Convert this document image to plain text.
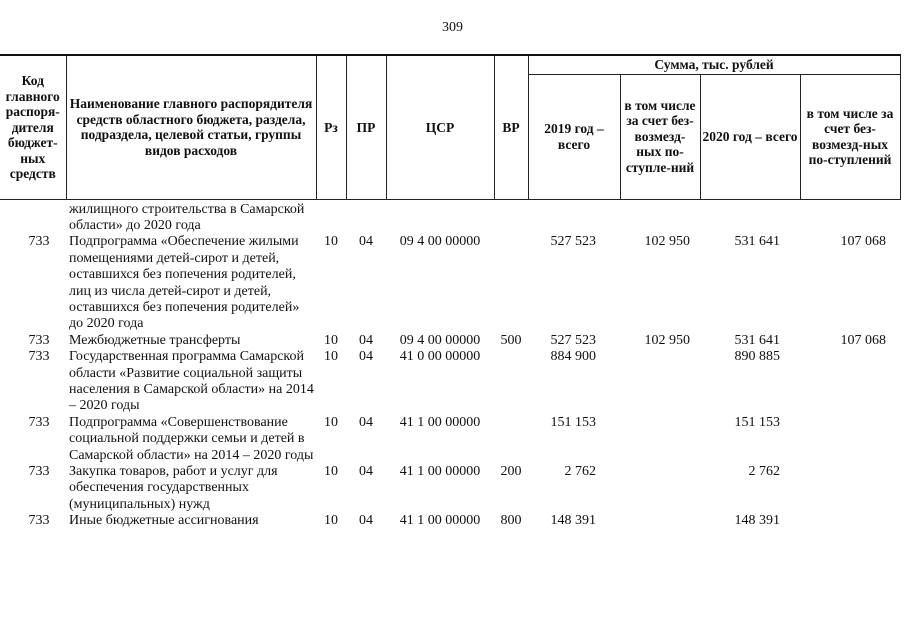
309
Код главного распоря-дителя бюджет-ных средств	Наименование главного распорядителя средств областного бюджета, раздела, подраздела, целевой статьи, группы видов расходов	Рз	ПР	ЦСР	ВР	Сумма, тыс. рублей			
						2019 год – всего	в том числе за счет без-возмезд-ных по-ступле-ний	2020 год – всего	в том числе за счет без-возмезд-ных по-ступлений
	жилищного строительства в Самарской области» до 2020 года								
733	Подпрограмма «Обеспечение жилыми помещениями детей-сирот и детей, оставшихся без попечения родителей, лиц из числа детей-сирот и детей, оставшихся без попечения родителей» до 2020 года	10	04	09 4 00 00000		527 523	102 950	531 641	107 068
733	Межбюджетные трансферты	10	04	09 4 00 00000	500	527 523	102 950	531 641	107 068
733	Государственная программа Самарской области «Развитие социальной защиты населения в Самарской области» на 2014 – 2020 годы	10	04	41 0 00 00000		884 900		890 885	
733	Подпрограмма «Совершенствование социальной поддержки семьи и детей в Самарской области» на 2014 – 2020 годы	10	04	41 1 00 00000		151 153		151 153	
733	Закупка товаров, работ и услуг для обеспечения государственных (муниципальных) нужд	10	04	41 1 00 00000	200	2 762		2 762	
733	Иные бюджетные ассигнования	10	04	41 1 00 00000	800	148 391		148 391	
